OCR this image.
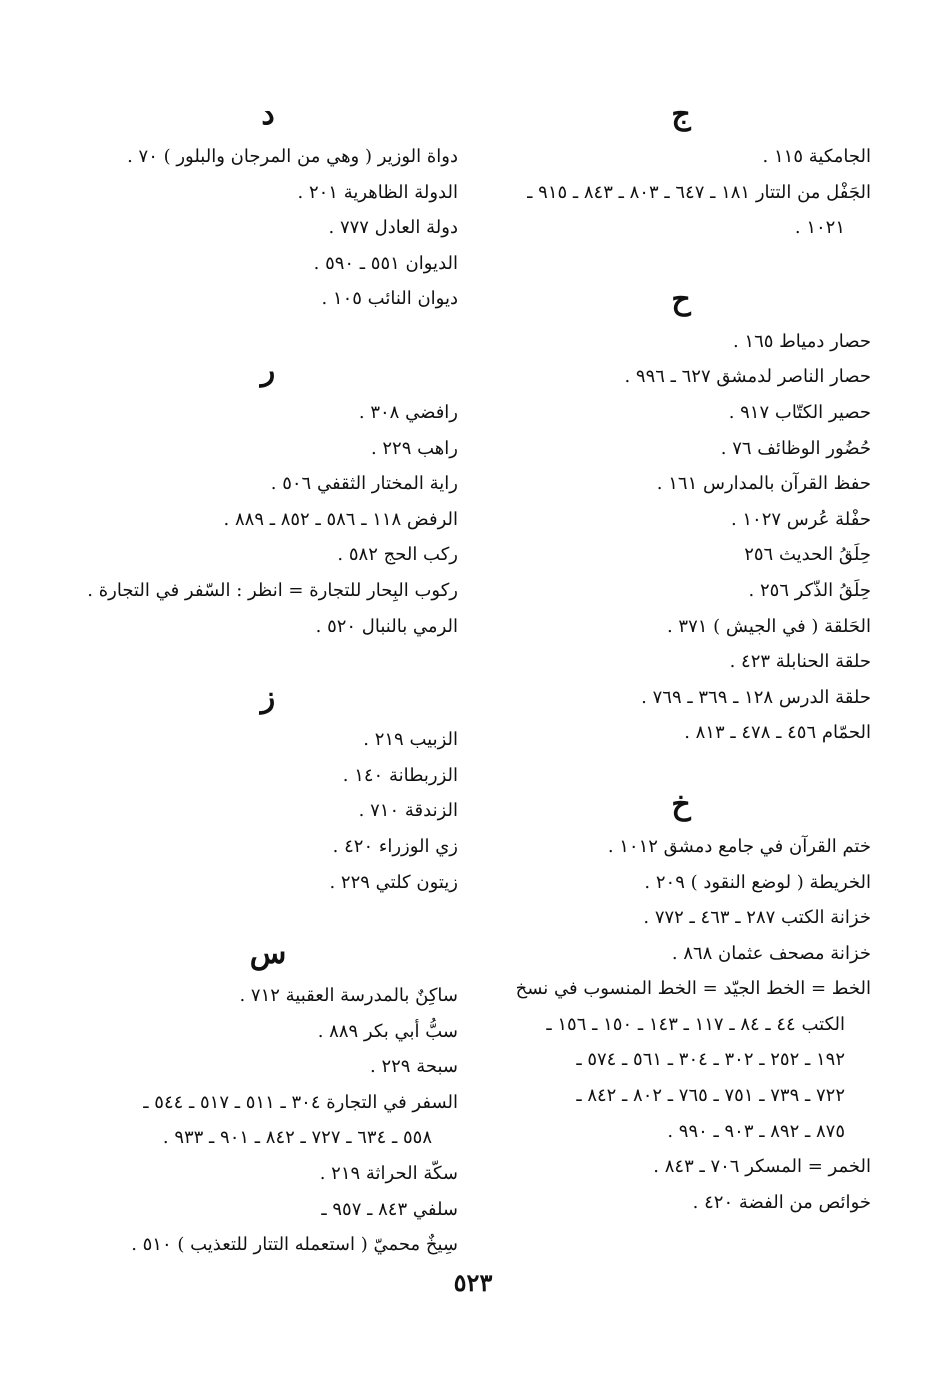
ج
الجامكية ١١٥ .
الجَفْل من التتار ١٨١ ـ ٦٤٧ ـ ٨٠٣ ـ ٨٤٣ ـ ٩١٥ ـ
١٠٢١ .
ح
حصار دمياط ١٦٥ .
حصار الناصر لدمشق ٦٢٧ ـ ٩٩٦ .
حصير الكتّاب ٩١٧ .
حُضُور الوظائف ٧٦ .
حفظ القرآن بالمدارس ١٦١ .
حفْلة عُرس ١٠٢٧ .
حِلَقُ الحديث ٢٥٦
حِلَقُ الذّكر ٢٥٦ .
الحَلقة ( في الجيش ) ٣٧١ .
حلقة الحنابلة ٤٢٣ .
حلقة الدرس ١٢٨ ـ ٣٦٩ ـ ٧٦٩ .
الحمّام ٤٥٦ ـ ٤٧٨ ـ ٨١٣ .
خ
ختم القرآن في جامع دمشق ١٠١٢ .
الخريطة ( لوضع النقود ) ٢٠٩ .
خزانة الكتب ٢٨٧ ـ ٤٦٣ ـ ٧٧٢ .
خزانة مصحف عثمان ٨٦٨ .
الخط = الخط الجيّد = الخط المنسوب في نسخ
الكتب ٤٤ ـ ٨٤ ـ ١١٧ ـ ١٤٣ ـ ١٥٠ ـ ١٥٦ ـ
١٩٢ ـ ٢٥٢ ـ ٣٠٢ ـ ٣٠٤ ـ ٥٦١ ـ ٥٧٤ ـ
٧٢٢ ـ ٧٣٩ ـ ٧٥١ ـ ٧٦٥ ـ ٨٠٢ ـ ٨٤٢ ـ
٨٧٥ ـ ٨٩٢ ـ ٩٠٣ ـ ٩٩٠ .
الخمر = المسكر ٧٠٦ ـ ٨٤٣ .
خوائص من الفضة ٤٢٠ .
د
دواة الوزير ( وهي من المرجان والبلور ) ٧٠ .
الدولة الظاهرية ٢٠١ .
دولة العادل ٧٧٧ .
الديوان ٥٥١ ـ ٥٩٠ .
ديوان النائب ١٠٥ .
ر
رافضي ٣٠٨ .
راهب ٢٢٩ .
راية المختار الثقفي ٥٠٦ .
الرفض ١١٨ ـ ٥٨٦ ـ ٨٥٢ ـ ٨٨٩ .
ركب الحج ٥٨٢ .
ركوب البِحار للتجارة = انظر : السّفر في التجارة .
الرمي بالنبال ٥٢٠ .
ز
الزبيب ٢١٩ .
الزربطانة ١٤٠ .
الزندقة ٧١٠ .
زي الوزراء ٤٢٠ .
زيتون كلتي ٢٢٩ .
س
ساكِنٌ بالمدرسة العقبية ٧١٢ .
سبُّ أبي بكر ٨٨٩ .
سبحة ٢٢٩ .
السفر في التجارة ٣٠٤ ـ ٥١١ ـ ٥١٧ ـ ٥٤٤ ـ
٥٥٨ ـ ٦٣٤ ـ ٧٢٧ ـ ٨٤٢ ـ ٩٠١ ـ ٩٣٣ .
سكّة الحراثة ٢١٩ .
سلفي ٨٤٣ ـ ٩٥٧ ـ
سِيخٌ محميّ ( استعمله التتار للتعذيب ) ٥١٠ .
٥٢٣
